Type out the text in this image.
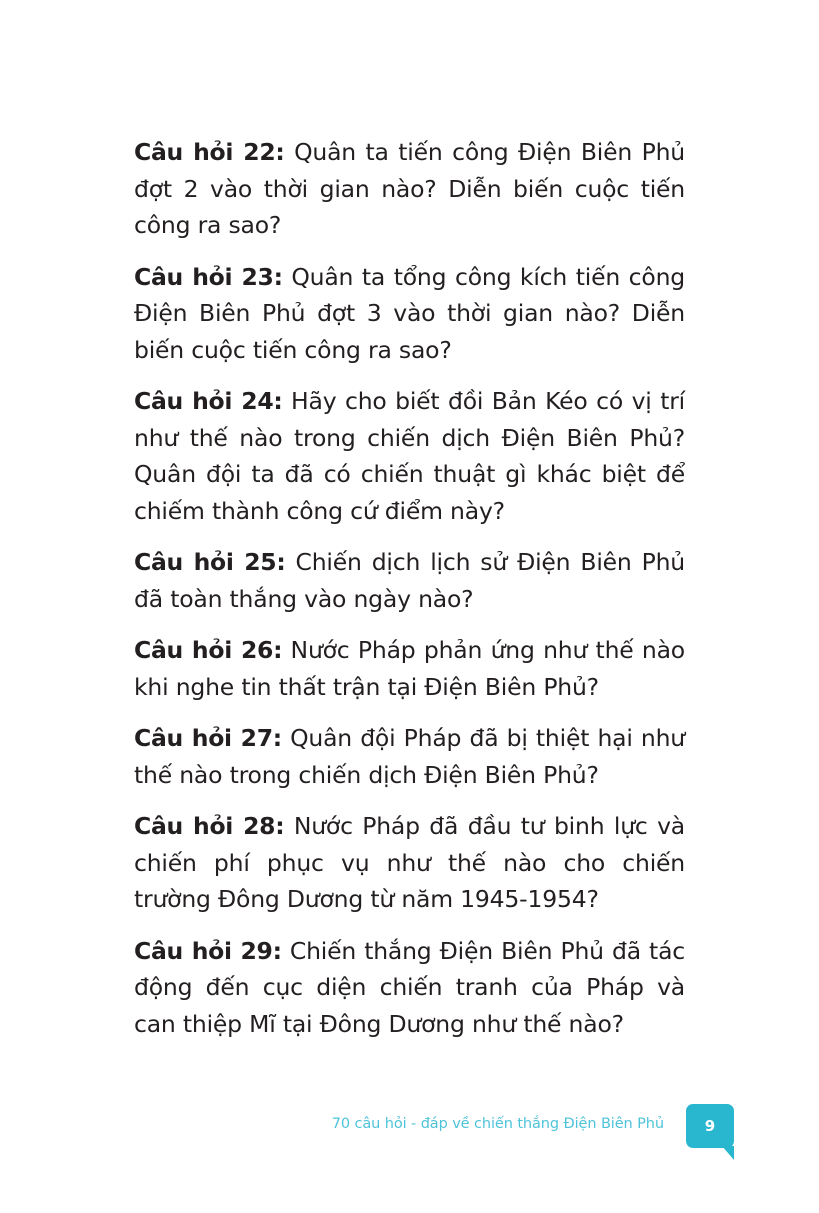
Câu hỏi 22: Quân ta tiến công Điện Biên Phủ đợt 2 vào thời gian nào? Diễn biến cuộc tiến công ra sao?

Câu hỏi 23: Quân ta tổng công kích tiến công Điện Biên Phủ đợt 3 vào thời gian nào? Diễn biến cuộc tiến công ra sao?

Câu hỏi 24: Hãy cho biết đồi Bản Kéo có vị trí như thế nào trong chiến dịch Điện Biên Phủ? Quân đội ta đã có chiến thuật gì khác biệt để chiếm thành công cứ điểm này?

Câu hỏi 25: Chiến dịch lịch sử Điện Biên Phủ đã toàn thắng vào ngày nào?

Câu hỏi 26: Nước Pháp phản ứng như thế nào khi nghe tin thất trận tại Điện Biên Phủ?

Câu hỏi 27: Quân đội Pháp đã bị thiệt hại như thế nào trong chiến dịch Điện Biên Phủ?

Câu hỏi 28: Nước Pháp đã đầu tư binh lực và chiến phí phục vụ như thế nào cho chiến trường Đông Dương từ năm 1945-1954?

Câu hỏi 29: Chiến thắng Điện Biên Phủ đã tác động đến cục diện chiến tranh của Pháp và can thiệp Mĩ tại Đông Dương như thế nào?

70 câu hỏi - đáp về chiến thắng Điện Biên Phủ	9
